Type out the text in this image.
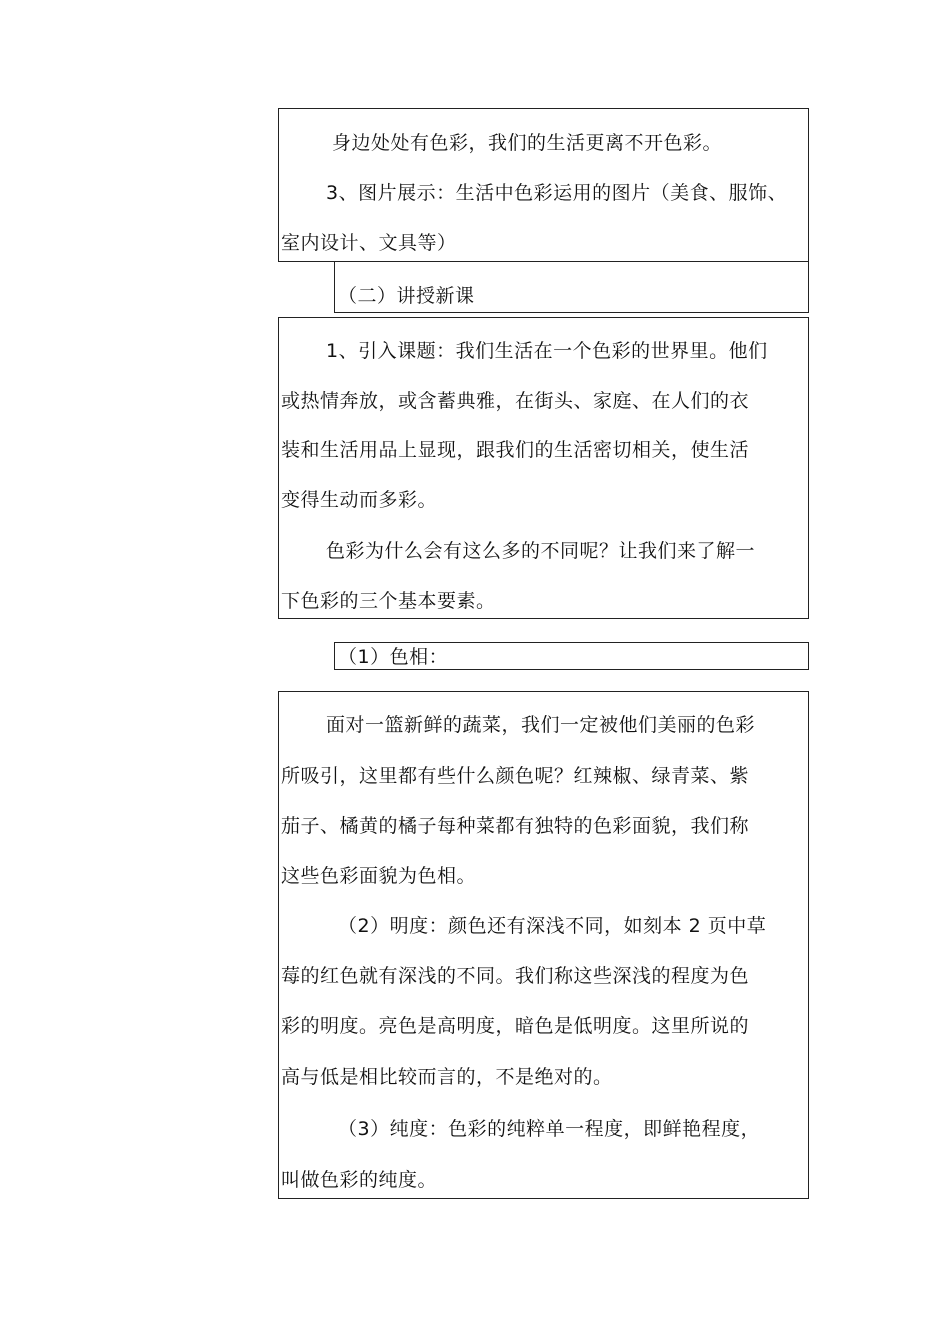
身边处处有色彩，我们的生活更离不开色彩。
3、图片展示：生活中色彩运用的图片（美食、服饰、
室内设计、文具等）
（二）讲授新课
1、引入课题：我们生活在一个色彩的世界里。他们
或热情奔放，或含蓄典雅，在街头、家庭、在人们的衣
装和生活用品上显现，跟我们的生活密切相关，使生活
变得生动而多彩。
色彩为什么会有这么多的不同呢？让我们来了解一
下色彩的三个基本要素。
（1）色相：
面对一篮新鲜的蔬菜，我们一定被他们美丽的色彩
所吸引，这里都有些什么颜色呢？红辣椒、绿青菜、紫
茄子、橘黄的橘子每种菜都有独特的色彩面貌，我们称
这些色彩面貌为色相。
（2）明度：颜色还有深浅不同，如刻本 2 页中草
莓的红色就有深浅的不同。我们称这些深浅的程度为色
彩的明度。亮色是高明度，暗色是低明度。这里所说的
高与低是相比较而言的，不是绝对的。
（3）纯度：色彩的纯粹单一程度，即鲜艳程度，
叫做色彩的纯度。
